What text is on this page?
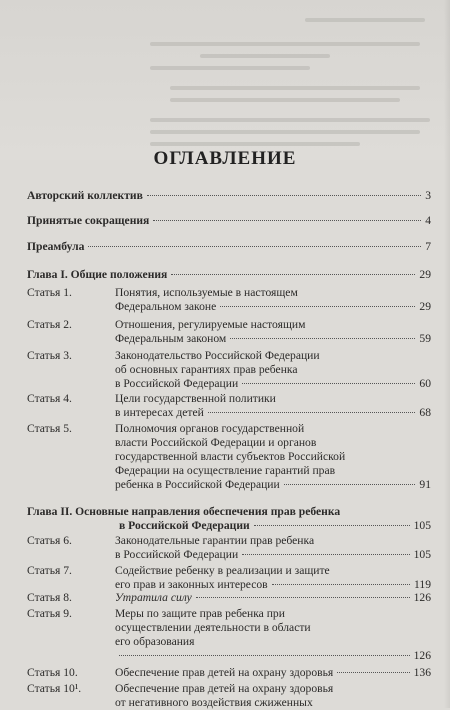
ОГЛАВЛЕНИЕ
Авторский коллектив	3
Принятые сокращения	4
Преамбула	7
Глава I. Общие положения	29
Статья 1.	Понятия, используемые в настоящем
Федеральном законе	29
Статья 2.	Отношения, регулируемые настоящим
Федеральным законом	59
Статья 3.	Законодательство Российской Федерации
об основных гарантиях прав ребенка
в Российской Федерации	60
Статья 4.	Цели государственной политики
в интересах детей	68
Статья 5.	Полномочия органов государственной
власти Российской Федерации и органов
государственной власти субъектов Российской
Федерации на осуществление гарантий прав
ребенка в Российской Федерации	91
Глава II. Основные направления обеспечения прав ребенка
в Российской Федерации	105
Статья 6.	Законодательные гарантии прав ребенка
в Российской Федерации	105
Статья 7.	Содействие ребенку в реализации и защите
его прав и законных интересов	119
Статья 8.	Утратила силу	126
Статья 9.	Меры по защите прав ребенка при
осуществлении деятельности в области
его образования
126
Статья 10.	Обеспечение прав детей на охрану здоровья	136
Статья 10¹.	Обеспечение прав детей на охрану здоровья
от негативного воздействия сжиженных
